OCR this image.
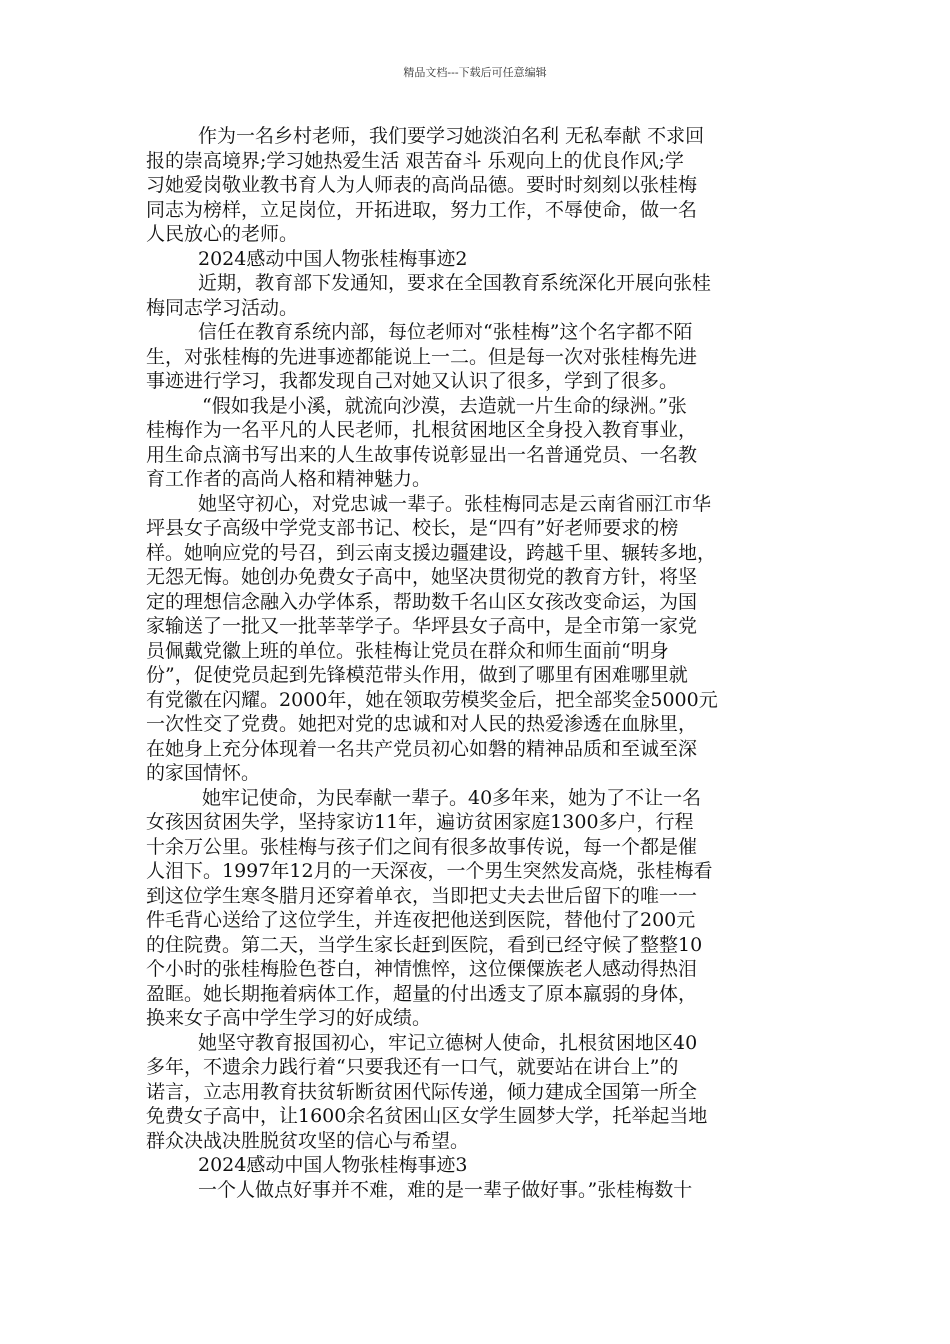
精品文档---下载后可任意编辑
作为一名乡村老师，我们要学习她淡泊名利 无私奉献 不求回
报的崇高境界;学习她热爱生活 艰苦奋斗 乐观向上的优良作风;学
习她爱岗敬业教书育人为人师表的高尚品德。要时时刻刻以张桂梅
同志为榜样，立足岗位，开拓进取，努力工作，不辱使命，做一名
人民放心的老师。
2024感动中国人物张桂梅事迹2
近期，教育部下发通知，要求在全国教育系统深化开展向张桂
梅同志学习活动。
信任在教育系统内部，每位老师对“张桂梅”这个名字都不陌
生，对张桂梅的先进事迹都能说上一二。但是每一次对张桂梅先进
事迹进行学习，我都发现自己对她又认识了很多，学到了很多。
“假如我是小溪，就流向沙漠，去造就一片生命的绿洲。”张
桂梅作为一名平凡的人民老师，扎根贫困地区全身投入教育事业，
用生命点滴书写出来的人生故事传说彰显出一名普通党员、一名教
育工作者的高尚人格和精神魅力。
她坚守初心，对党忠诚一辈子。张桂梅同志是云南省丽江市华
坪县女子高级中学党支部书记、校长，是“四有”好老师要求的榜
样。她响应党的号召，到云南支援边疆建设，跨越千里、辗转多地，
无怨无悔。她创办免费女子高中，她坚决贯彻党的教育方针，将坚
定的理想信念融入办学体系，帮助数千名山区女孩改变命运，为国
家输送了一批又一批莘莘学子。华坪县女子高中，是全市第一家党
员佩戴党徽上班的单位。张桂梅让党员在群众和师生面前“明身
份”，促使党员起到先锋模范带头作用，做到了哪里有困难哪里就
有党徽在闪耀。2000年，她在领取劳模奖金后，把全部奖金5000元
一次性交了党费。她把对党的忠诚和对人民的热爱渗透在血脉里，
在她身上充分体现着一名共产党员初心如磐的精神品质和至诚至深
的家国情怀。
她牢记使命，为民奉献一辈子。40多年来，她为了不让一名
女孩因贫困失学，坚持家访11年，遍访贫困家庭1300多户，行程
十余万公里。张桂梅与孩子们之间有很多故事传说，每一个都是催
人泪下。1997年12月的一天深夜，一个男生突然发高烧，张桂梅看
到这位学生寒冬腊月还穿着单衣，当即把丈夫去世后留下的唯一一
件毛背心送给了这位学生，并连夜把他送到医院，替他付了200元
的住院费。第二天，当学生家长赶到医院，看到已经守候了整整10
个小时的张桂梅脸色苍白，神情憔悴，这位傈僳族老人感动得热泪
盈眶。她长期拖着病体工作，超量的付出透支了原本羸弱的身体，
换来女子高中学生学习的好成绩。
她坚守教育报国初心，牢记立德树人使命，扎根贫困地区40
多年，不遗余力践行着“只要我还有一口气，就要站在讲台上”的
诺言，立志用教育扶贫斩断贫困代际传递，倾力建成全国第一所全
免费女子高中，让1600余名贫困山区女学生圆梦大学，托举起当地
群众决战决胜脱贫攻坚的信心与希望。
2024感动中国人物张桂梅事迹3
一个人做点好事并不难，难的是一辈子做好事。”张桂梅数十
